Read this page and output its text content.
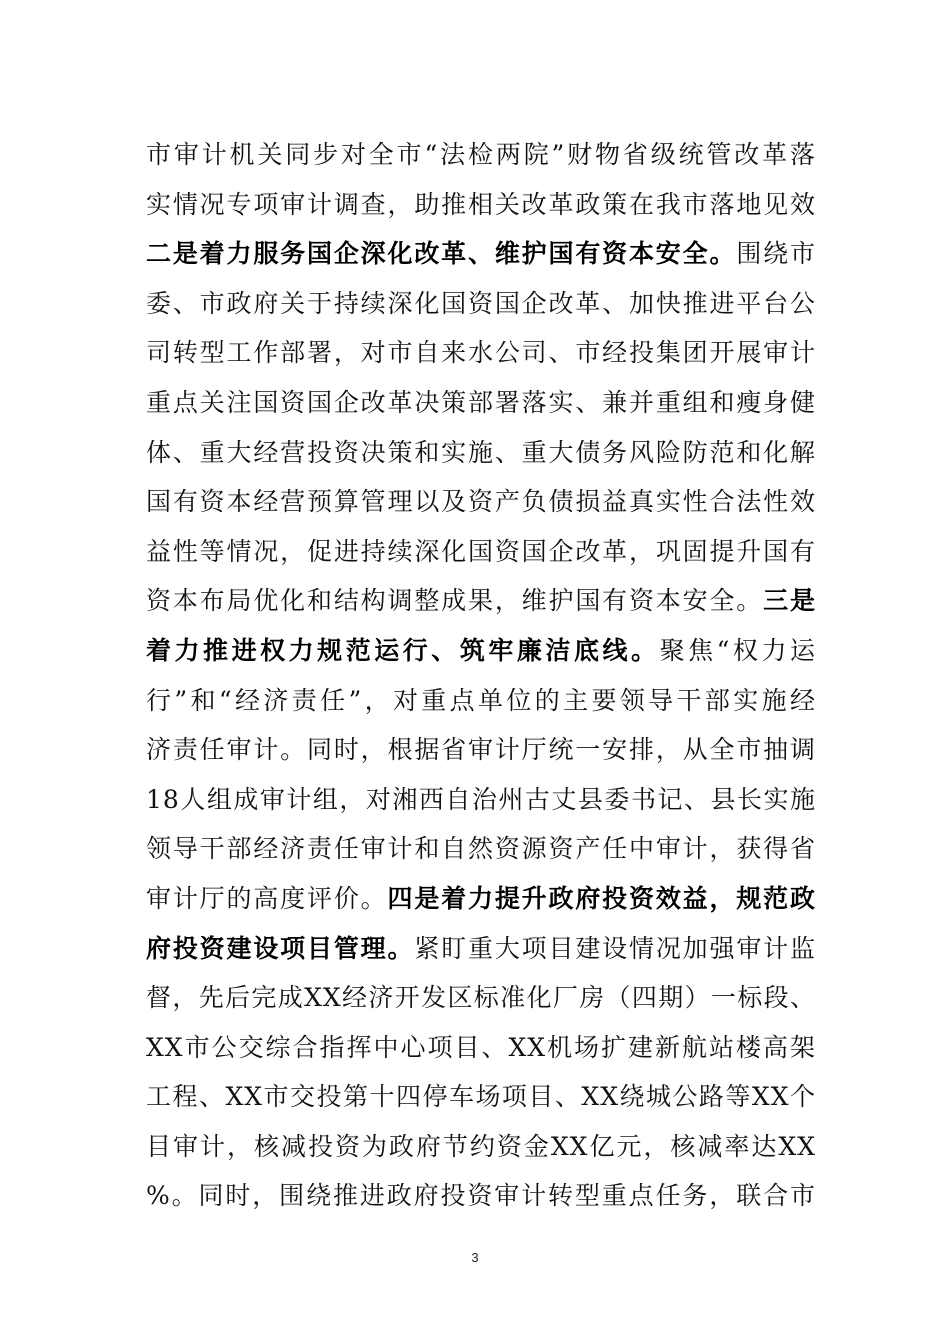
市审计机关同步对全市“法检两院”财物省级统管改革落
实情况专项审计调查，助推相关改革政策在我市落地见效
二是着力服务国企深化改革、维护国有资本安全。围绕市
委、市政府关于持续深化国资国企改革、加快推进平台公
司转型工作部署，对市自来水公司、市经投集团开展审计
重点关注国资国企改革决策部署落实、兼并重组和瘦身健
体、重大经营投资决策和实施、重大债务风险防范和化解
国有资本经营预算管理以及资产负债损益真实性合法性效
益性等情况，促进持续深化国资国企改革，巩固提升国有
资本布局优化和结构调整成果，维护国有资本安全。三是
着力推进权力规范运行、筑牢廉洁底线。聚焦“权力运
行”和“经济责任”，对重点单位的主要领导干部实施经
济责任审计。同时，根据省审计厅统一安排，从全市抽调
18人组成审计组，对湘西自治州古丈县委书记、县长实施
领导干部经济责任审计和自然资源资产任中审计，获得省
审计厅的高度评价。四是着力提升政府投资效益，规范政
府投资建设项目管理。紧盯重大项目建设情况加强审计监
督，先后完成XX经济开发区标准化厂房（四期）一标段、
XX市公交综合指挥中心项目、XX机场扩建新航站楼高架
工程、XX市交投第十四停车场项目、XX绕城公路等XX个
目审计，核减投资为政府节约资金XX亿元，核减率达XX
%。同时，围绕推进政府投资审计转型重点任务，联合市
3
